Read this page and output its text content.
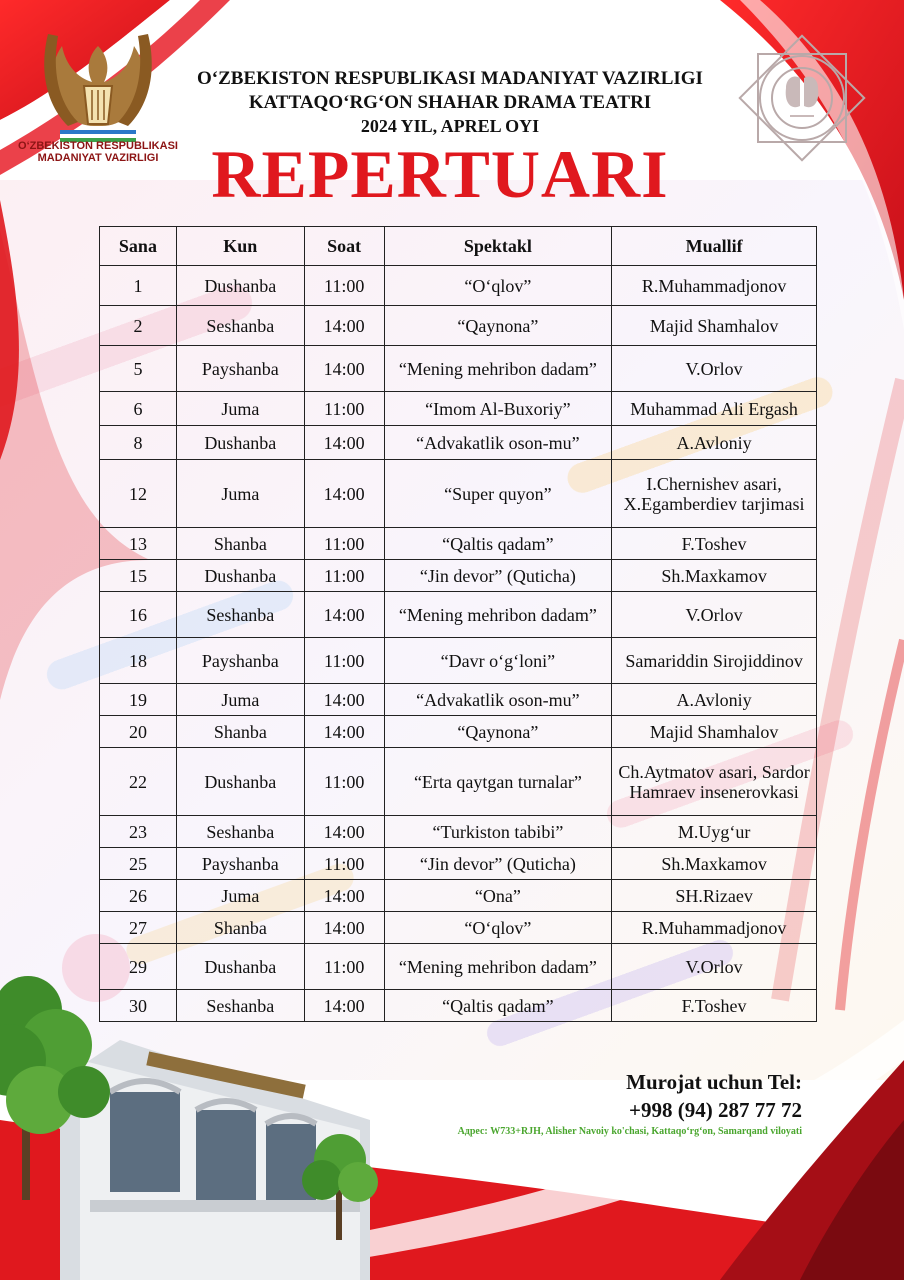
O‘ZBEKISTON RESPUBLIKASI
MADANIYAT VAZIRLIGI
O‘ZBEKISTON RESPUBLIKASI MADANIYAT VAZIRLIGI
KATTAQO‘RG‘ON SHAHAR DRAMA TEATRI
2024 YIL, APREL OYI
REPERTUARI
Sana	Kun	Soat	Spektakl	Muallif
1	Dushanba	11:00	“O‘qlov”	R.Muhammadjonov
2	Seshanba	14:00	“Qaynona”	Majid Shamhalov
5	Payshanba	14:00	“Mening mehribon dadam”	V.Orlov
6	Juma	11:00	“Imom Al-Buxoriy”	Muhammad Ali Ergash
8	Dushanba	14:00	“Advakatlik oson-mu”	A.Avloniy
12	Juma	14:00	“Super quyon”	I.Chernishev asari, X.Egamberdiev tarjimasi
13	Shanba	11:00	“Qaltis qadam”	F.Toshev
15	Dushanba	11:00	“Jin devor” (Quticha)	Sh.Maxkamov
16	Seshanba	14:00	“Mening mehribon dadam”	V.Orlov
18	Payshanba	11:00	“Davr o‘g‘loni”	Samariddin Sirojiddinov
19	Juma	14:00	“Advakatlik oson-mu”	A.Avloniy
20	Shanba	14:00	“Qaynona”	Majid Shamhalov
22	Dushanba	11:00	“Erta qaytgan turnalar”	Ch.Aytmatov asari, Sardor Hamraev insenerovkasi
23	Seshanba	14:00	“Turkiston tabibi”	M.Uyg‘ur
25	Payshanba	11:00	“Jin devor” (Quticha)	Sh.Maxkamov
26	Juma	14:00	“Ona”	SH.Rizaev
27	Shanba	14:00	“O‘qlov”	R.Muhammadjonov
29	Dushanba	11:00	“Mening mehribon dadam”	V.Orlov
30	Seshanba	14:00	“Qaltis qadam”	F.Toshev
Murojat uchun Tel:
+998 (94) 287 77 72
Адрес: W733+RJH, Alisher Navoiy ko'chasi, Kattaqo‘rg‘on, Samarqand viloyati
